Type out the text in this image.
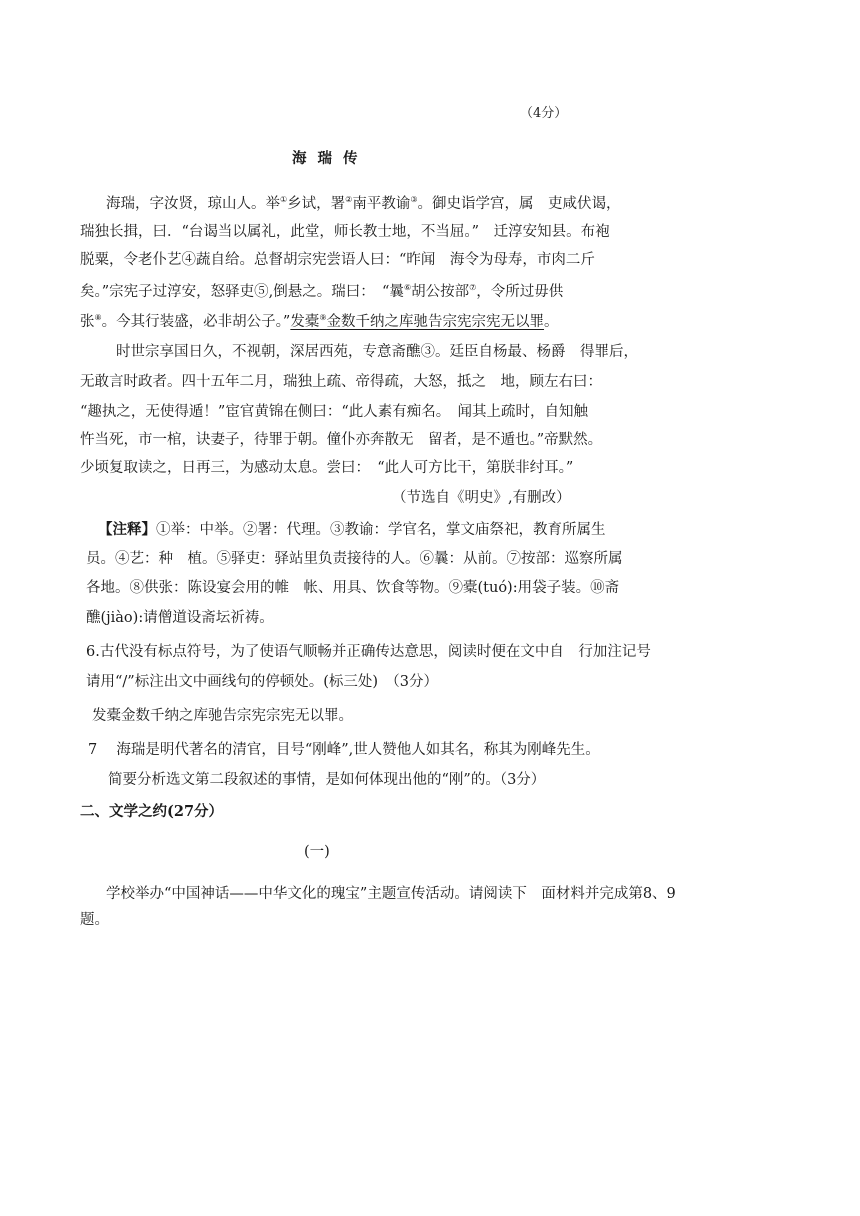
（4分）
海瑞传
海瑞，字汝贤，琼山人。举①乡试，署②南平教谕③。御史诣学宫，属　吏咸伏谒，
瑞独长揖，曰．“台谒当以属礼，此堂，师长教士地，不当屈。”　迁淳安知县。布袍
脱粟，令老仆艺④蔬自给。总督胡宗宪尝语人曰：“昨闻　海令为母寿，市肉二斤
矣。”宗宪子过淳安，怒驿吏⑤,倒悬之。瑞曰：　“曩⑥胡公按部⑦，令所过毋供
张⑧。今其行装盛，必非胡公子。”发橐⑨金数千纳之库驰告宗宪宗宪无以罪。
时世宗享国日久，不视朝，深居西苑，专意斋醮③。廷臣自杨最、杨爵　得罪后，
无敢言时政者。四十五年二月，瑞独上疏、帝得疏，大怒，抵之　地，顾左右曰：
“趣执之，无使得遁！”宦官黄锦在侧曰：“此人素有痴名。　闻其上疏时，自知触
忤当死，市一棺，诀妻子，待罪于朝。僮仆亦奔散无　留者，是不遁也。”帝默然。
少顷复取读之，日再三，为感动太息。尝曰：　“此人可方比干，第朕非纣耳。”
（节选自《明史》,有删改）
【注释】①举：中举。②署：代理。③教谕：学官名，掌文庙祭祀，教育所属生
员。④艺：种　植。⑤驿吏：驿站里负责接待的人。⑥曩：从前。⑦按部：巡察所属
各地。⑧供张：陈设宴会用的帷　帐、用具、饮食等物。⑨橐(tuó):用袋子装。⑩斋
醮(jiào):请僧道设斋坛祈祷。
6.古代没有标点符号，为了使语气顺畅并正确传达意思，阅读时便在文中自　行加注记号
请用“/”标注出文中画线句的停顿处。(标三处)　（3分）
发橐金数千纳之库驰告宗宪宗宪无以罪。
7　 海瑞是明代著名的清官，目号“刚峰”,世人赞他人如其名，称其为刚峰先生。
简要分析选文第二段叙述的事情，是如何体现出他的“刚”的。（3分）
二、文学之约(27分）
(一)
学校举办“中国神话——中华文化的瑰宝”主题宣传活动。请阅读下　面材料并完成第8、9
题。
